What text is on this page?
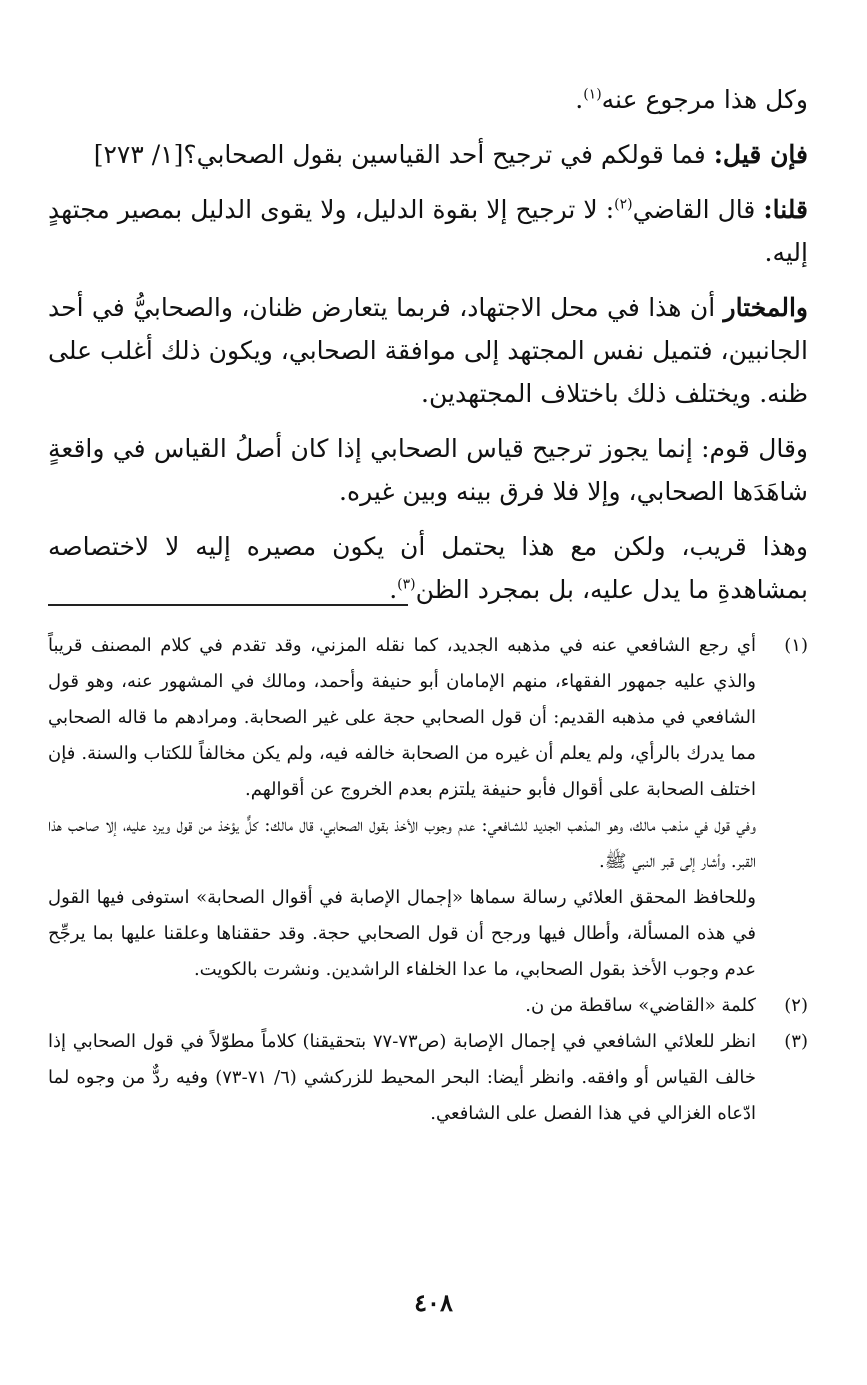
وكل هذا مرجوع عنه$^{(١)}$.

فإن قيل: فما قولكم في ترجيح أحد القياسين بقول الصحابي؟[١/ ٢٧٣]

قلنا: قال القاضي$^{(٢)}$: لا ترجيح إلا بقوة الدليل، ولا يقوى الدليل بمصير مجتهدٍ إليه.

والمختار أن هذا في محل الاجتهاد، فربما يتعارض ظنان، والصحابيُّ في أحد الجانبين، فتميل نفس المجتهد إلى موافقة الصحابي، ويكون ذلك أغلب على ظنه. ويختلف ذلك باختلاف المجتهدين.

وقال قوم: إنما يجوز ترجيح قياس الصحابي إذا كان أصلُ القياس في واقعةٍ شاهَدَها الصحابي، وإلا فلا فرق بينه وبين غيره.

وهذا قريب، ولكن مع هذا يحتمل أن يكون مصيره إليه لا لاختصاصه بمشاهدةِ ما يدل عليه، بل بمجرد الظن$^{(٣)}$.

(١)

أي رجع الشافعي عنه في مذهبه الجديد، كما نقله المزني، وقد تقدم في كلام المصنف قريباً والذي عليه جمهور الفقهاء، منهم الإمامان أبو حنيفة وأحمد، ومالك في المشهور عنه، وهو قول الشافعي في مذهبه القديم: أن قول الصحابي حجة على غير الصحابة. ومرادهم ما قاله الصحابي مما يدرك بالرأي، ولم يعلم أن غيره من الصحابة خالفه فيه، ولم يكن مخالفاً للكتاب والسنة. فإن اختلف الصحابة على أقوال فأبو حنيفة يلتزم بعدم الخروج عن أقوالهم.

وفي قول في مذهب مالك، وهو المذهب الجديد للشافعي: عدم وجوب الأخذ بقول الصحابي، قال مالك: كلٌّ يؤخذ من قول ويرد عليه، إلا صاحب هذا القبر. وأشار إلى قبر النبي ﷺ.

وللحافظ المحقق العلائي رسالة سماها «إجمال الإصابة في أقوال الصحابة» استوفى فيها القول في هذه المسألة، وأطال فيها ورجح أن قول الصحابي حجة. وقد حققناها وعلقنا عليها بما يرجِّح عدم وجوب الأخذ بقول الصحابي، ما عدا الخلفاء الراشدين. ونشرت بالكويت.

(٢)

كلمة «القاضي» ساقطة من ن.

(٣)

انظر للعلائي الشافعي في إجمال الإصابة (ص٧٣-٧٧ بتحقيقنا) كلاماً مطوّلاً في قول الصحابي إذا خالف القياس أو وافقه. وانظر أيضا: البحر المحيط للزركشي (٦/ ٧١-٧٣) وفيه ردٌّ من وجوه لما ادّعاه الغزالي في هذا الفصل على الشافعي.

٤٠٨
